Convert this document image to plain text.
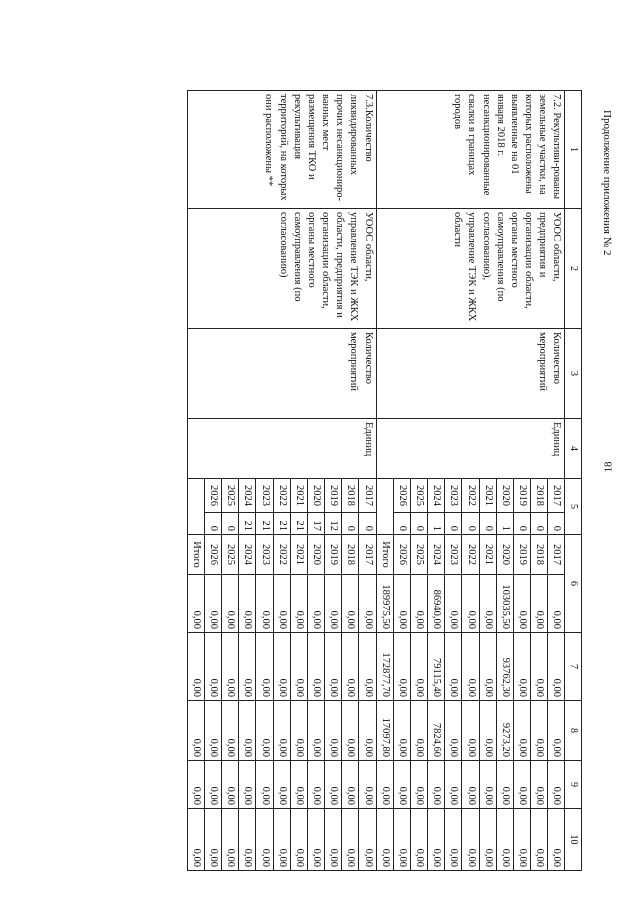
18
Продолжение приложения № 2
1	2	3	4	5		6		7	8	9	10
7.2. Рекультиви-рованы земельные участки, на которых расположены выявленные на 01 января 2018 г. несанкционированные свалки в границах городов	УООС области, предприятия и организации области, органы местного самоуправления (по согласованию), управление ТЭК и ЖКХ области	Количество мероприятий	Единиц	2017	0	2017	0,00	0,00	0,00	0,00	0,00
				2018	0	2018	0,00	0,00	0,00	0,00	0,00
				2019	0	2019	0,00	0,00	0,00	0,00	0,00
				2020	1	2020	103035,50	93762,30	9273,20	0,00	0,00
				2021	0	2021	0,00	0,00	0,00	0,00	0,00
				2022	0	2022	0,00	0,00	0,00	0,00	0,00
				2023	0	2023	0,00	0,00	0,00	0,00	0,00
				2024	1	2024	86940,00	79115,40	7824,60	0,00	0,00
				2025	0	2025	0,00	0,00	0,00	0,00	0,00
				2026	0	2026	0,00	0,00	0,00	0,00	0,00
						Итого	189975,50	172877,70	17097,80	0,00	0,00
7.3.Количество ликвидированных прочих несанкциониро-ванных мест размещения ТКО и рекультивация территорий, на которых они расположены **	УООС области, управление ТЭК и ЖКХ области, предприятия и организации области, органы местного самоуправления (по согласованию)	Количество мероприятий	Единиц	2017	0	2017	0,00	0,00	0,00	0,00	0,00
				2018	0	2018	0,00	0,00	0,00	0,00	0,00
				2019	12	2019	0,00	0,00	0,00	0,00	0,00
				2020	17	2020	0,00	0,00	0,00	0,00	0,00
				2021	21	2021	0,00	0,00	0,00	0,00	0,00
				2022	21	2022	0,00	0,00	0,00	0,00	0,00
				2023	21	2023	0,00	0,00	0,00	0,00	0,00
				2024	21	2024	0,00	0,00	0,00	0,00	0,00
				2025	0	2025	0,00	0,00	0,00	0,00	0,00
				2026	0	2026	0,00	0,00	0,00	0,00	0,00
						Итого	0,00	0,00	0,00	0,00	0,00
